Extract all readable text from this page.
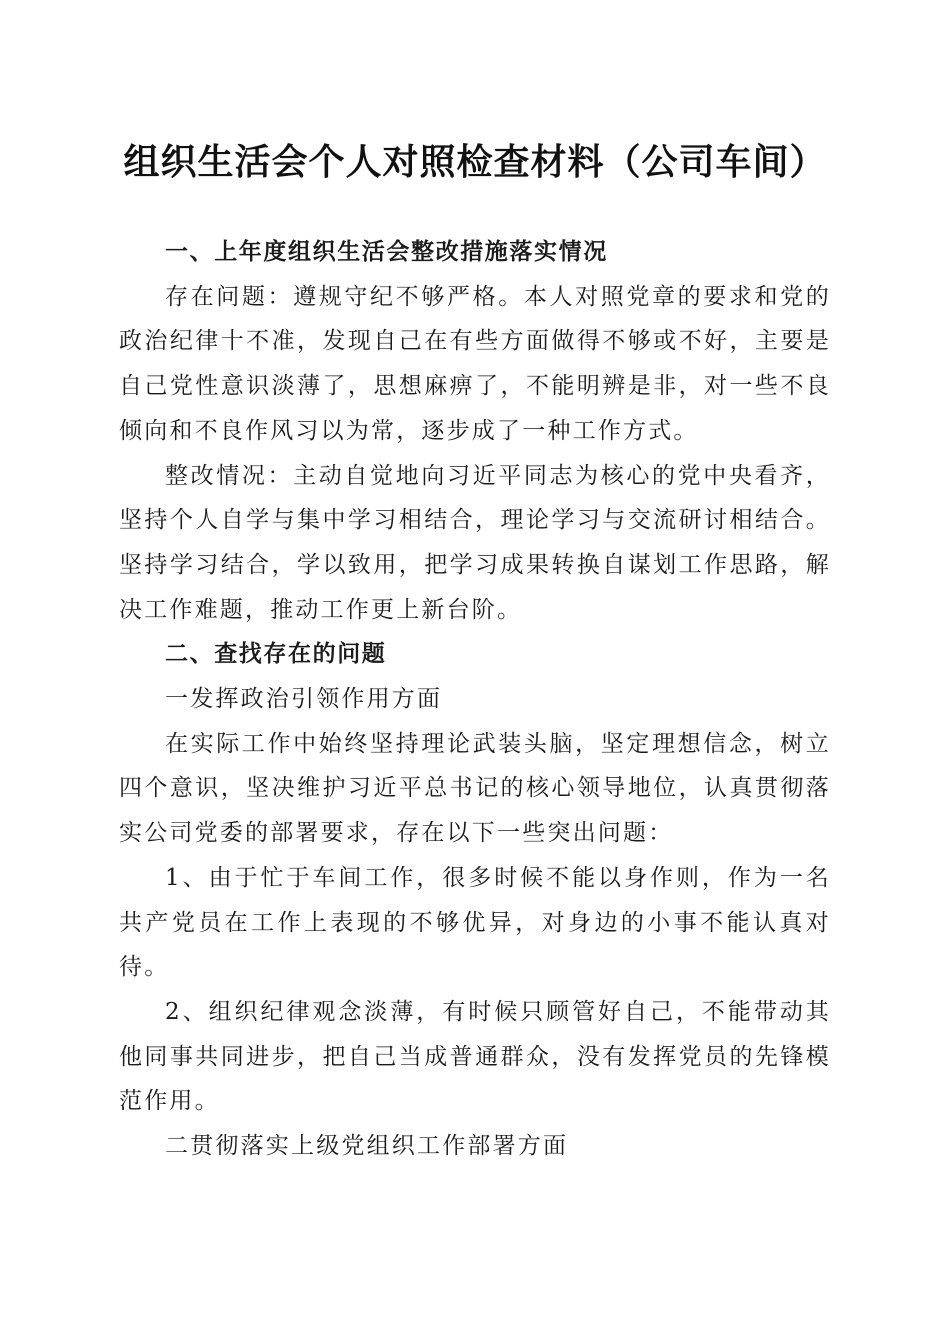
组织生活会个人对照检查材料（公司车间）

一、上年度组织生活会整改措施落实情况

存在问题：遵规守纪不够严格。本人对照党章的要求和党的政治纪律十不准，发现自己在有些方面做得不够或不好，主要是自己党性意识淡薄了，思想麻痹了，不能明辨是非，对一些不良倾向和不良作风习以为常，逐步成了一种工作方式。

整改情况：主动自觉地向习近平同志为核心的党中央看齐，坚持个人自学与集中学习相结合，理论学习与交流研讨相结合。坚持学习结合，学以致用，把学习成果转换自谋划工作思路，解决工作难题，推动工作更上新台阶。

二、查找存在的问题

一发挥政治引领作用方面

在实际工作中始终坚持理论武装头脑，坚定理想信念，树立四个意识，坚决维护习近平总书记的核心领导地位，认真贯彻落实公司党委的部署要求，存在以下一些突出问题：

1、由于忙于车间工作，很多时候不能以身作则，作为一名共产党员在工作上表现的不够优异，对身边的小事不能认真对待。

2、组织纪律观念淡薄，有时候只顾管好自己，不能带动其他同事共同进步，把自己当成普通群众，没有发挥党员的先锋模范作用。

二贯彻落实上级党组织工作部署方面
